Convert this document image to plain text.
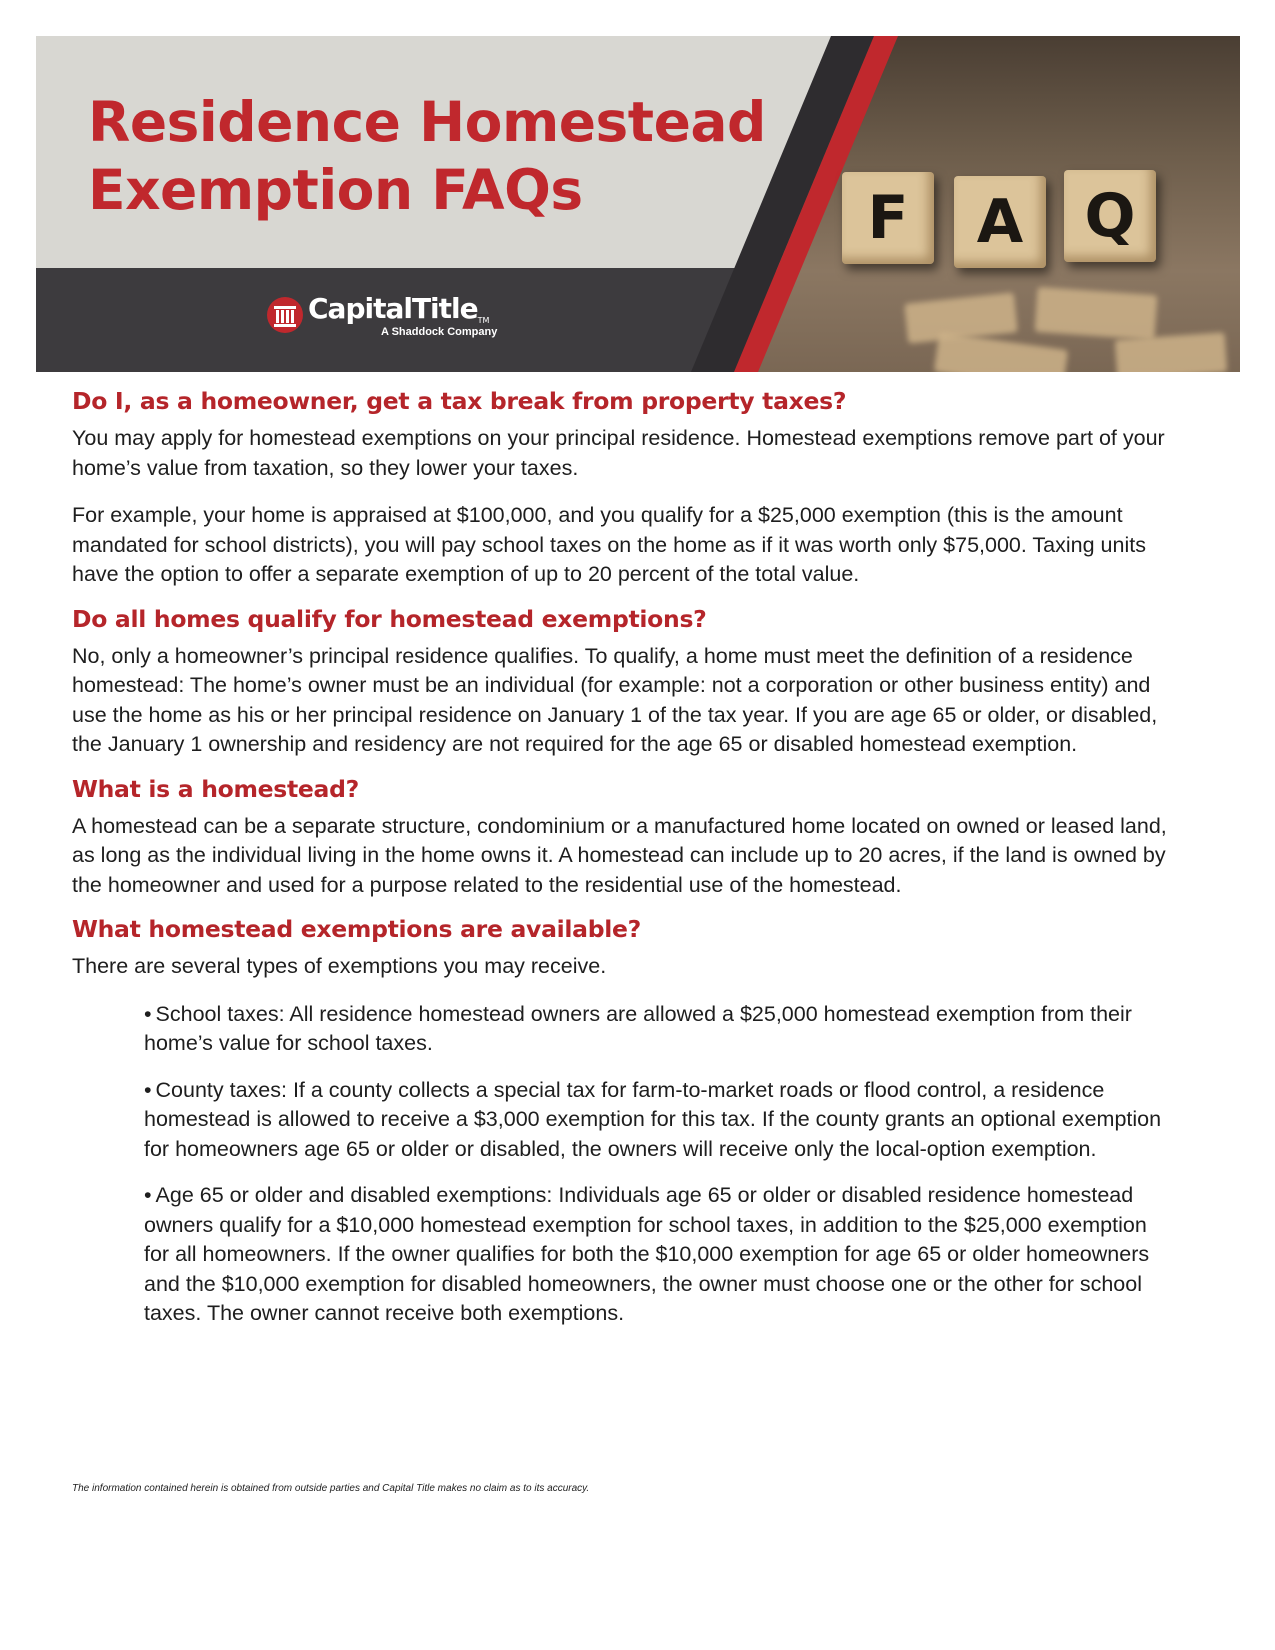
F	A	Q
Residence Homestead
Exemption FAQs
CapitalTitleTM
A Shaddock Company
Do I, as a homeowner, get a tax break from property taxes?

You may apply for homestead exemptions on your principal residence. Homestead exemptions remove part of your home’s value from taxation, so they lower your taxes.

For example, your home is appraised at $100,000, and you qualify for a $25,000 exemption (this is the amount mandated for school districts), you will pay school taxes on the home as if it was worth only $75,000. Taxing units have the option to offer a separate exemption of up to 20 percent of the total value.

Do all homes qualify for homestead exemptions?

No, only a homeowner’s principal residence qualifies. To qualify, a home must meet the definition of a residence homestead: The home’s owner must be an individual (for example: not a corporation or other business entity) and use the home as his or her principal residence on January 1 of the tax year. If you are age 65 or older, or disabled, the January 1 ownership and residency are not required for the age 65 or disabled homestead exemption.

What is a homestead?

A homestead can be a separate structure, condominium or a manufactured home located on owned or leased land, as long as the individual living in the home owns it. A homestead can include up to 20 acres, if the land is owned by the homeowner and used for a purpose related to the residential use of the homestead.

What homestead exemptions are available?

There are several types of exemptions you may receive.

• School taxes: All residence homestead owners are allowed a $25,000 homestead exemption from their home’s value for school taxes.
• County taxes: If a county collects a special tax for farm-to-market roads or flood control, a residence homestead is allowed to receive a $3,000 exemption for this tax. If the county grants an optional exemption for homeowners age 65 or older or disabled, the owners will receive only the local-option exemption.
• Age 65 or older and disabled exemptions: Individuals age 65 or older or disabled residence homestead owners qualify for a $10,000 homestead exemption for school taxes, in addition to the $25,000 exemption for all homeowners. If the owner qualifies for both the $10,000 exemption for age 65 or older homeowners and the $10,000 exemption for disabled homeowners, the owner must choose one or the other for school taxes. The owner cannot receive both exemptions.
The information contained herein is obtained from outside parties and Capital Title makes no claim as to its accuracy.
